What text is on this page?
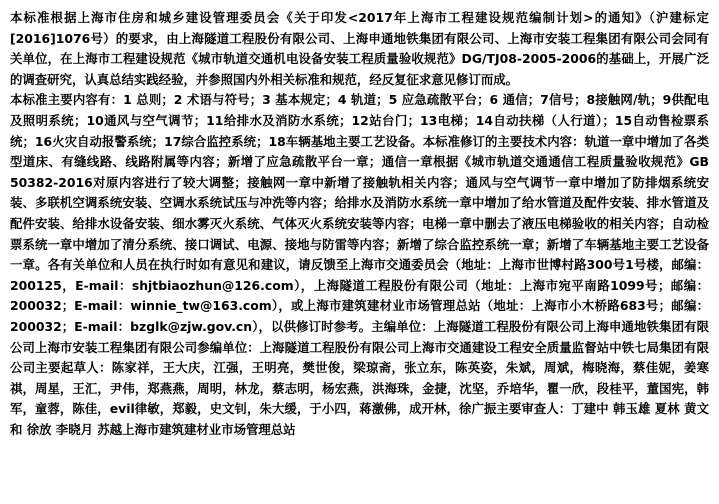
本标准根据上海市住房和城乡建设管理委员会《关于印发<2017年上海市工程建设规范编制计划>的通知》（沪建标定[2016]1076号）的要求，由上海隧道工程股份有限公司、上海申通地铁集团有限公司、上海市安装工程集团有限公司会同有关单位，在上海市工程建设规范《城市轨道交通机电设备安装工程质量验收规范》DG/TJ08-2005-2006的基础上，开展广泛的调查研究，认真总结实践经验，并参照国内外相关标准和规范，经反复征求意见修订而成。

本标准主要内容有：1 总则；2 术语与符号；3 基本规定；4 轨道；5 应急疏散平台；6 通信；7信号；8接触网/轨；9供配电及照明系统；10通风与空气调节；11给排水及消防水系统；12站台门；13电梯；14自动扶梯（人行道）；15自动售检票系统；16火灾自动报警系统；17综合监控系统；18车辆基地主要工艺设备。本标准修订的主要技术内容：轨道一章中增加了各类型道床、有缝线路、线路附属等内容；新增了应急疏散平台一章；通信一章根据《城市轨道交通通信工程质量验收规范》GB 50382-2016对原内容进行了较大调整；接触网一章中新增了接触轨相关内容；通风与空气调节一章中增加了防排烟系统安装、多联机空调系统安装、空调水系统试压与冲洗等内容；给排水及消防水系统一章中增加了给水管道及配件安装、排水管道及配件安装、给排水设备安装、细水雾灭火系统、气体灭火系统安装等内容；电梯一章中删去了液压电梯验收的相关内容；自动检票系统一章中增加了清分系统、接口调试、电源、接地与防雷等内容；新增了综合监控系统一章；新增了车辆基地主要工艺设备一章。各有关单位和人员在执行时如有意见和建议，请反馈至上海市交通委员会（地址：上海市世博村路300号1号楼，邮编：200125，E-mail：shjtbiaozhun@126.com），上海隧道工程股份有限公司（地址：上海市宛平南路1099号；邮编：200032；E-mail：winnie_tw@163.com），或上海市建筑建材业市场管理总站（地址：上海市小木桥路683号；邮编：200032；E-mail：bzglk@zjw.gov.cn），以供修订时参考。主编单位：上海隧道工程股份有限公司上海申通地铁集团有限公司上海市安装工程集团有限公司参编单位：上海隧道工程股份有限公司上海市交通建设工程安全质量监督站中铁七局集团有限公司主要起草人：陈家祥，王大庆，江强，王明亮，樊世俊，梁琼斋，张立东，陈英姿，朱斌，周斌，梅晓海，蔡佳妮，姜寒祺，周星，王汇，尹伟，郑燕燕，周明，林龙，蔡志明，杨宏燕，洪海珠，金捷，沈坚，乔培华，瞿一欣，段桂平，董国宪，韩军，童蓉，陈佳，evil律敏，郑毅，史文钊，朱大缓，于小四，蒋激佛，成开林，徐广振主要审查人：丁建中 韩玉雄 夏林 黄文和 徐放 李晓月 苏越上海市建筑建材业市场管理总站
